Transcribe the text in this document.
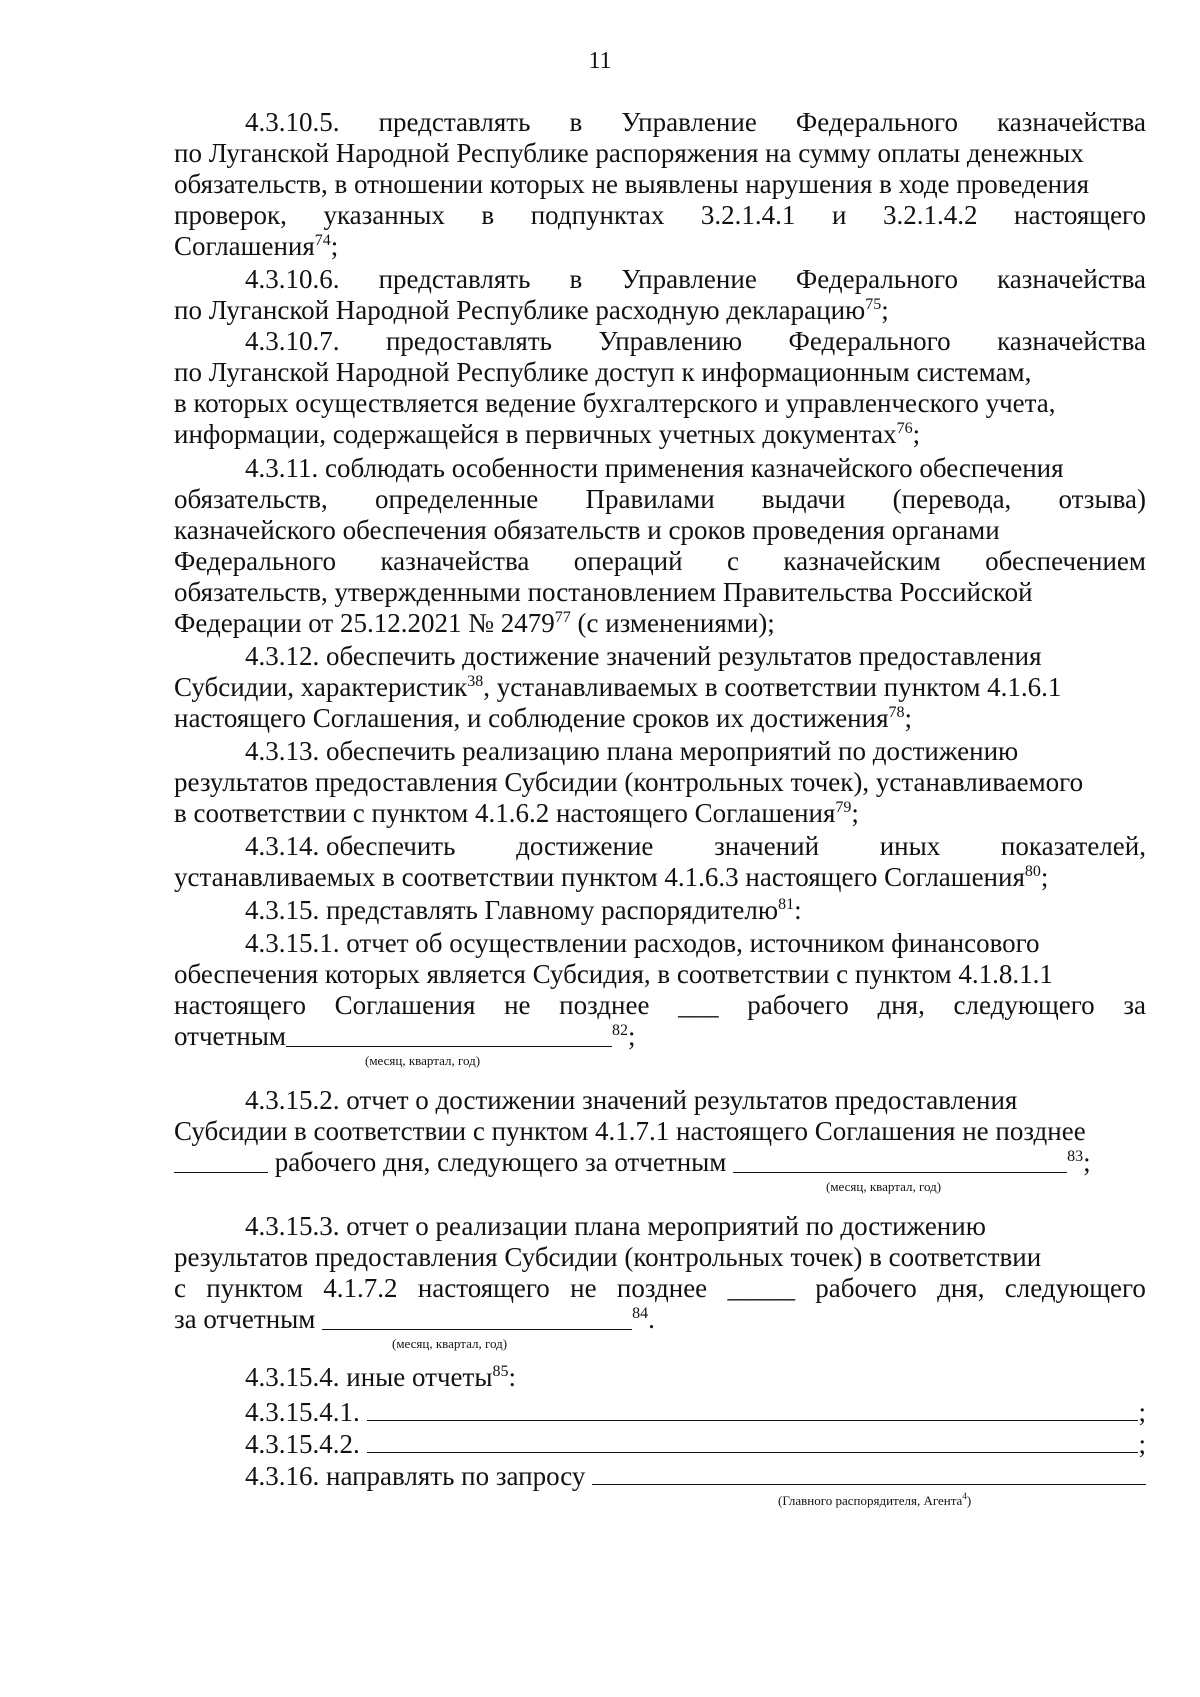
11
4.3.10.5. представлять в Управление Федерального казначейства
по Луганской Народной Республике распоряжения на сумму оплаты денежных
обязательств, в отношении которых не выявлены нарушения в ходе проведения
проверок, указанных в подпунктах 3.2.1.4.1 и 3.2.1.4.2 настоящего
Соглашения$^{74}$;
4.3.10.6. представлять в Управление Федерального казначейства
по Луганской Народной Республике расходную декларацию$^{75}$;
4.3.10.7. предоставлять Управлению Федерального казначейства
по Луганской Народной Республике доступ к информационным системам,
в которых осуществляется ведение бухгалтерского и управленческого учета,
информации, содержащейся в первичных учетных документах$^{76}$;
4.3.11. соблюдать особенности применения казначейского обеспечения
обязательств, определенные Правилами выдачи (перевода, отзыва)
казначейского обеспечения обязательств и сроков проведения органами
Федерального казначейства операций с казначейским обеспечением
обязательств, утвержденными постановлением Правительства Российской
Федерации от 25.12.2021 № 2479$^{77}$ (с изменениями);
4.3.12. обеспечить достижение значений результатов предоставления
Субсидии, характеристик$^{38}$, устанавливаемых в соответствии пунктом 4.1.6.1
настоящего Соглашения, и соблюдение сроков их достижения$^{78}$;
4.3.13. обеспечить реализацию плана мероприятий по достижению
результатов предоставления Субсидии (контрольных точек), устанавливаемого
в соответствии с пунктом 4.1.6.2 настоящего Соглашения$^{79}$;
4.3.14. обеспечить достижение значений иных показателей,
устанавливаемых в соответствии пунктом 4.1.6.3 настоящего Соглашения$^{80}$;
4.3.15. представлять Главному распорядителю$^{81}$:
4.3.15.1. отчет об осуществлении расходов, источником финансового
обеспечения которых является Субсидия, в соответствии с пунктом 4.1.8.1.1
настоящего Соглашения не позднее ___ рабочего дня, следующего за
отчетным	$^{82}$;
(месяц, квартал, год)
4.3.15.2. отчет о достижении значений результатов предоставления
Субсидии в соответствии с пунктом 4.1.7.1 настоящего Соглашения не позднее
рабочего дня, следующего за отчетным	$^{83}$;
(месяц, квартал, год)
4.3.15.3. отчет о реализации плана мероприятий по достижению
результатов предоставления Субсидии (контрольных точек) в соответствии
с пунктом 4.1.7.2 настоящего не позднее _____ рабочего дня, следующего
за отчетным	$^{84}$.
(месяц, квартал, год)
4.3.15.4. иные отчеты$^{85}$:
4.3.15.4.1.
	;
4.3.15.4.2.
	;
4.3.16. направлять по запросу

(Главного распорядителя, Агента$^4$)
